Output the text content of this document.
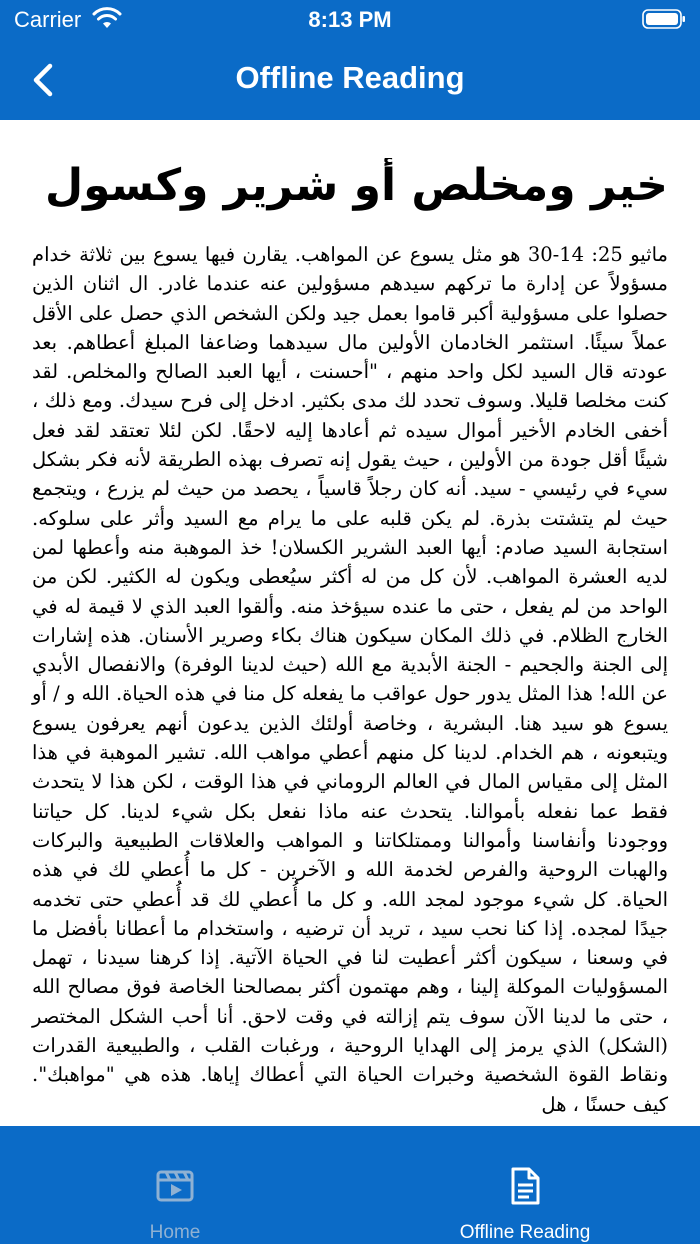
Carrier	8:13 PM
Offline Reading
خير ومخلص أو شرير وكسول

ماثيو 25: 14-30 هو مثل يسوع عن المواهب. يقارن فيها يسوع بين ثلاثة خدام مسؤولاً عن إدارة ما تركهم سيدهم مسؤولين عنه عندما غادر. ال اثنان الذين حصلوا على مسؤولية أكبر قاموا بعمل جيد ولكن الشخص الذي حصل على الأقل عملاً سيئًا. استثمر الخادمان الأولين مال سيدهما وضاعفا المبلغ أعطاهم. بعد عودته قال السيد لكل واحد منهم ، "أحسنت ، أيها العبد الصالح والمخلص. لقد كنت مخلصا قليلا. وسوف تحدد لك مدى بكثير. ادخل إلى فرح سيدك. ومع ذلك ، أخفى الخادم الأخير أموال سيده ثم أعادها إليه لاحقًا. لكن لئلا تعتقد لقد فعل شيئًا أقل جودة من الأولين ، حيث يقول إنه تصرف بهذه الطريقة لأنه فكر بشكل سيء في رئيسي - سيد. أنه كان رجلاً قاسياً ، يحصد من حيث لم يزرع ، ويتجمع حيث لم يتشتت بذرة. لم يكن قلبه على ما يرام مع السيد وأثر على سلوكه. استجابة السيد صادم: أيها العبد الشرير الكسلان! خذ الموهبة منه وأعطها لمن لديه العشرة المواهب. لأن كل من له أكثر سيُعطى ويكون له الكثير. لكن من الواحد من لم يفعل ، حتى ما عنده سيؤخذ منه. وألقوا العبد الذي لا قيمة له في الخارج الظلام. في ذلك المكان سيكون هناك بكاء وصرير الأسنان. هذه إشارات إلى الجنة والجحيم - الجنة الأبدية مع الله (حيث لدينا الوفرة) والانفصال الأبدي عن الله! هذا المثل يدور حول عواقب ما يفعله كل منا في هذه الحياة. الله و / أو يسوع هو سيد هنا. البشرية ، وخاصة أولئك الذين يدعون أنهم يعرفون يسوع ويتبعونه ، هم الخدام. لدينا كل منهم أعطي مواهب الله. تشير الموهبة في هذا المثل إلى مقياس المال في العالم الروماني في هذا الوقت ، لكن هذا لا يتحدث فقط عما نفعله بأموالنا. يتحدث عنه ماذا نفعل بكل شيء لدينا. كل حياتنا ووجودنا وأنفاسنا وأموالنا وممتلكاتنا و المواهب والعلاقات الطبيعية والبركات والهبات الروحية والفرص لخدمة الله و الآخرين - كل ما أُعطي لك في هذه الحياة. كل شيء موجود لمجد الله. و كل ما أُعطي لك قد أُعطي حتى تخدمه جيدًا لمجده. إذا كنا نحب سيد ، تريد أن ترضيه ، واستخدام ما أعطانا بأفضل ما في وسعنا ، سيكون أكثر أعطيت لنا في الحياة الآتية. إذا كرهنا سيدنا ، تهمل المسؤوليات الموكلة إلينا ، وهم مهتمون أكثر بمصالحنا الخاصة فوق مصالح الله ، حتى ما لدينا الآن سوف يتم إزالته في وقت لاحق. أنا أحب الشكل المختصر (الشكل) الذي يرمز إلى الهدايا الروحية ، ورغبات القلب ، والطبيعية القدرات ونقاط القوة الشخصية وخبرات الحياة التي أعطاك إياها. هذه هي "مواهبك". كيف حسنًا ، هل

Home	Offline Reading
